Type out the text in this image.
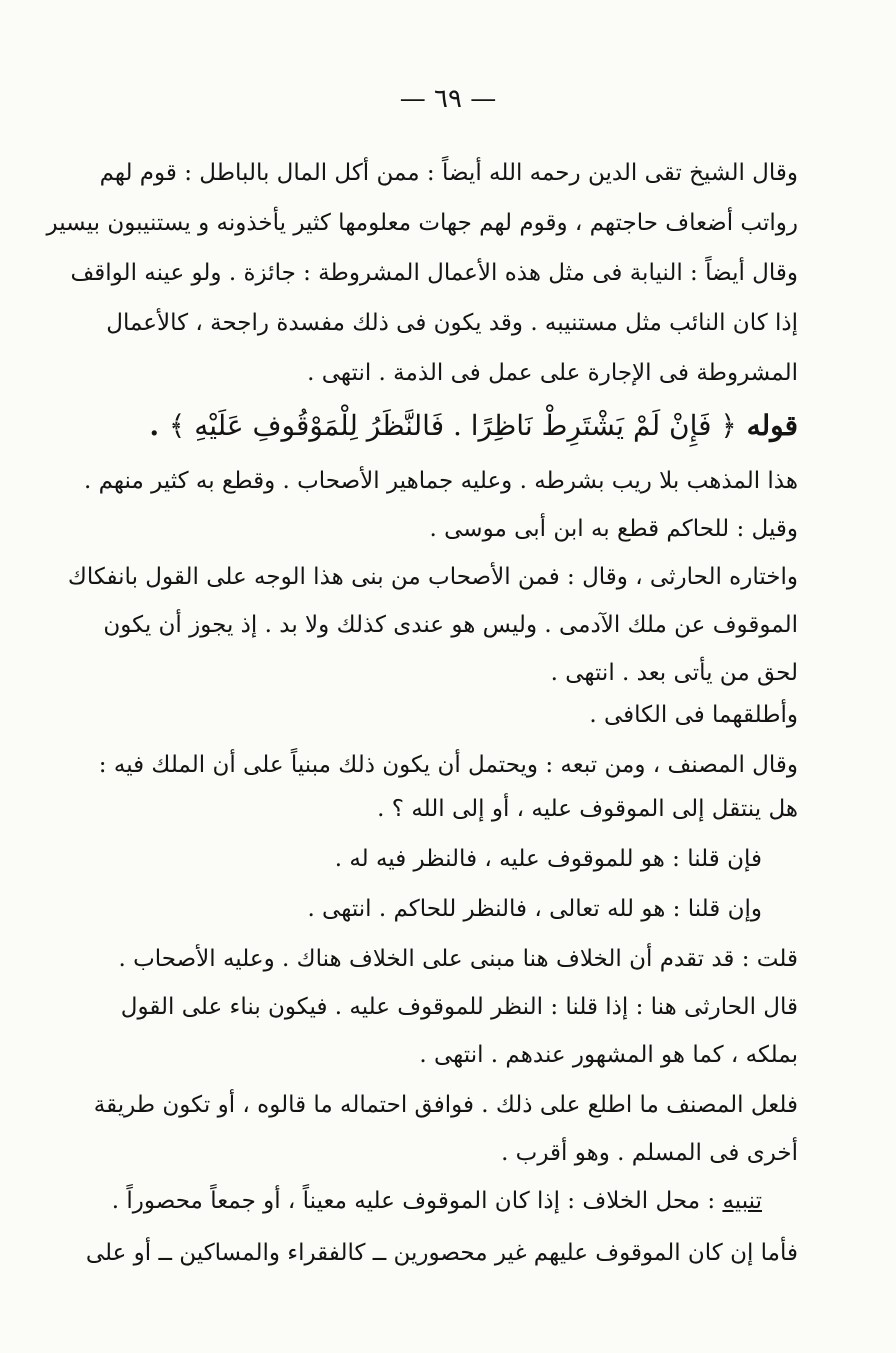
— ٦٩ —
وقال الشيخ تقى الدين رحمه الله أيضاً : ممن أكل المال بالباطل : قوم لهم
رواتب أضعاف حاجتهم ، وقوم لهم جهات معلومها كثير يأخذونه و يستنيبون بيسير
وقال أيضاً : النيابة فى مثل هذه الأعمال المشروطة : جائزة . ولو عينه الواقف
إذا كان النائب مثل مستنيبه . وقد يكون فى ذلك مفسدة راجحة ، كالأعمال
المشروطة فى الإجارة على عمل فى الذمة . انتهى .
قوله ﴿ فَإِنْ لَمْ يَشْتَرِطْ نَاظِرًا . فَالنَّظَرُ لِلْمَوْقُوفِ عَلَيْهِ ﴾ .
هذا المذهب بلا ريب بشرطه . وعليه جماهير الأصحاب . وقطع به كثير منهم .
وقيل : للحاكم قطع به ابن أبى موسى .
واختاره الحارثى ، وقال : فمن الأصحاب من بنى هذا الوجه على القول بانفكاك
الموقوف عن ملك الآدمى . وليس هو عندى كذلك ولا بد . إذ يجوز أن يكون
لحق من يأتى بعد . انتهى .
وأطلقهما فى الكافى .
وقال المصنف ، ومن تبعه : ويحتمل أن يكون ذلك مبنياً على أن الملك فيه :
هل ينتقل إلى الموقوف عليه ، أو إلى الله ؟ .
فإن قلنا : هو للموقوف عليه ، فالنظر فيه له .
وإن قلنا : هو لله تعالى ، فالنظر للحاكم . انتهى .
قلت : قد تقدم أن الخلاف هنا مبنى على الخلاف هناك . وعليه الأصحاب .
قال الحارثى هنا : إذا قلنا : النظر للموقوف عليه . فيكون بناء على القول
بملكه ، كما هو المشهور عندهم . انتهى .
فلعل المصنف ما اطلع على ذلك . فوافق احتماله ما قالوه ، أو تكون طريقة
أخرى فى المسلم . وهو أقرب .
تنبيه : محل الخلاف : إذا كان الموقوف عليه معيناً ، أو جمعاً محصوراً .
فأما إن كان الموقوف عليهم غير محصورين ــ كالفقراء والمساكين ــ أو على
